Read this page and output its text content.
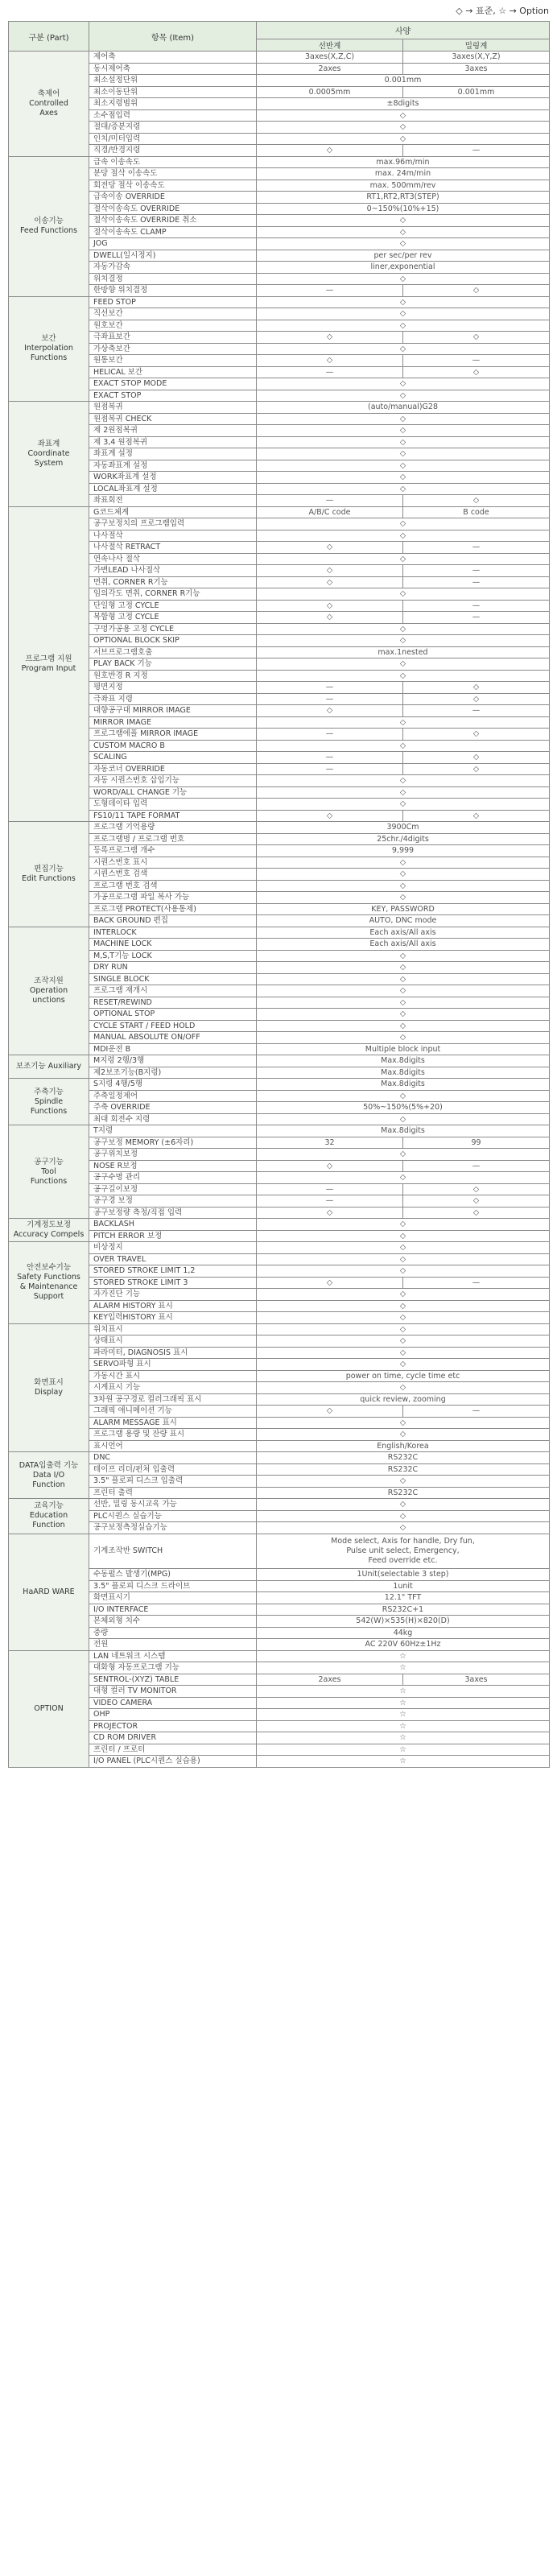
◇ → 표준, ☆ → Option
구분 (Part)	항목 (Item)	사양	
		선반계	밀링계
축제어
Controlled
Axes	제어축	3axes(X,Z,C)	3axes(X,Y,Z)
	동시제어축	2axes	3axes
	최소설정단위	0.001mm	
	최소이동단위	0.0005mm	0.001mm
	최소지령범위	±8digits	
	소수점입력	◇	
	절대/증분지령	◇	
	인치/미터입력	◇	
	직경/반경지령	◇	—
이송기능
Feed Functions	급속 이송속도	max.96m/min	
	분당 절삭 이송속도	max. 24m/min	
	회전당 절삭 이송속도	max. 500mm/rev	
	급속이송 OVERRIDE	RT1,RT2,RT3(STEP)	
	절삭이송속도 OVERRIDE	0~150%(10%+15)	
	절삭이송속도 OVERRIDE 취소	◇	
	절삭이송속도 CLAMP	◇	
	JOG	◇	
	DWELL(일시정지)	per sec/per rev	
	자동가감속	liner,exponential	
	위치결정	◇	
	한방향 위치결정	—	◇
보간
Interpolation
Functions	FEED STOP	◇	
	직선보간	◇	
	원호보간	◇	
	극좌표보간	◇	◇
	가상축보간	◇	
	원통보간	◇	—
	HELICAL 보간	—	◇
	EXACT STOP MODE	◇	
	EXACT STOP	◇	
좌표계
Coordinate
System	원점복귀	(auto/manual)G28	
	원점복귀 CHECK	◇	
	제 2원점복귀	◇	
	제 3,4 원점복귀	◇	
	좌표계 설정	◇	
	자동좌표계 설정	◇	
	WORK좌표계 설정	◇	
	LOCAL좌표계 설정	◇	
	좌표회전	—	◇
프로그램 지원
Program Input	G코드체계	A/B/C code	B code
	공구보정치의 프로그램입력	◇	
	나사절삭	◇	
	나사절삭 RETRACT	◇	—
	연속나사 절삭	◇	
	가변LEAD 나사절삭	◇	—
	면취, CORNER R기능	◇	—
	임의각도 면취, CORNER R기능	◇	
	단일형 고정 CYCLE	◇	—
	복합형 고정 CYCLE	◇	—
	구멍가공용 고정 CYCLE	◇	
	OPTIONAL BLOCK SKIP	◇	
	서브프로그램호출	max.1nested	
	PLAY BACK 기능	◇	
	원호반경 R 지정	◇	
	평면지정	—	◇
	극좌표 지령	—	◇
	대향공구대 MIRROR IMAGE	◇	—
	MIRROR IMAGE	◇	
	프로그램에플 MIRROR IMAGE	—	◇
	CUSTOM MACRO B	◇	
	SCALING	—	◇
	자동코너 OVERRIDE	—	◇
	자동 시퀀스번호 삽입기능	◇	
	WORD/ALL CHANGE 기능	◇	
	도형데이타 입력	◇	
	FS10/11 TAPE FORMAT	◇	◇
편집기능
Edit Functions	프로그램 기억용량	3900Cm	
	프로그램명 / 프로그램 번호	25chr./4digits	
	등록프로그램 개수	9,999	
	시퀀스번호 표시	◇	
	시퀀스번호 검색	◇	
	프로그램 번호 검색	◇	
	가공프로그램 파일 복사 가능	◇	
	프로그램 PROTECT(사용통제)	KEY, PASSWORD	
	BACK GROUND 편집	AUTO, DNC mode	
조작지원
Operation
unctions	INTERLOCK	Each axis/All axis	
	MACHINE LOCK	Each axis/All axis	
	M,S,T기능 LOCK	◇	
	DRY RUN	◇	
	SINGLE BLOCK	◇	
	프로그램 재개시	◇	
	RESET/REWIND	◇	
	OPTIONAL STOP	◇	
	CYCLE START / FEED HOLD	◇	
	MANUAL ABSOLUTE ON/OFF	◇	
	MDI운전 B	Multiple block input	
보조기능 Auxiliary	M지령 2행/3행	Max.8digits	
	제2보조기능(B지령)	Max.8digits	
주축기능
Spindle
Functions	S지령 4행/5행	Max.8digits	
	주축일정제어	◇	
	주축 OVERRIDE	50%~150%(5%+20)	
	최대 회전수 지령	◇	
공구기능
Tool
Functions	T지령	Max.8digits	
	공구보정 MEMORY (±6자리)	32	99
	공구위치보정	◇	
	NOSE R보정	◇	—
	공구수명 관리	◇	
	공구길이보정	—	◇
	공구경 보정	—	◇
	공구보정량 측정/직접 입력	◇	◇
기계정도보정
Accuracy Compels	BACKLASH	◇	
	PITCH ERROR 보정	◇	
안전보수기능
Safety Functions
& Maintenance
Support	비상정지	◇	
	OVER TRAVEL	◇	
	STORED STROKE LIMIT 1,2	◇	
	STORED STROKE LIMIT 3	◇	—
	자가진단 기능	◇	
	ALARM HISTORY 표시	◇	
	KEY입력HISTORY 표시	◇	
화면표시
Display	위치표시	◇	
	상태표시	◇	
	파라미터, DIAGNOSIS 표시	◇	
	SERVO파형 표시	◇	
	가동시간 표시	power on time, cycle time etc	
	시계표시 기능	◇	
	3차원 공구경로 컬러그래픽 표시	quick review, zooming	
	그래픽 애니메이션 기능	◇	—
	ALARM MESSAGE 표시	◇	
	프로그램 용량 및 잔량 표시	◇	
	표시언어	English/Korea	
DATA입출력 기능
Data I/O
Function	DNC	RS232C	
	테이프 리더/펀처 입출력	RS232C	
	3.5" 플로피 디스크 입출력	◇	
	프린터 출력	RS232C	
교육기능
Education
Function	선반, 밀링 동시교육 가능	◇	
	PLC시퀀스 실습기능	◇	
	공구보정측정실습기능	◇	
HaARD WARE	기계조작반 SWITCH	Mode select, Axis for handle, Dry fun,
Pulse unit select, Emergency,
Feed override etc.	
	수동펄스 발생기(MPG)	1Unit(selectable 3 step)	
	3.5" 플로피 디스크 드라이브	1unit	
	화면표시기	12.1" TFT	
	I/O INTERFACE	RS232C+1	
	본체외형 치수	542(W)×535(H)×820(D)	
	중량	44kg	
	전원	AC 220V 60Hz±1Hz	
OPTION	LAN 네트워크 시스템	☆	
	대화형 자동프로그램 기능	☆	
	SENTROL-(XYZ) TABLE	2axes	3axes
	대형 컬러 TV MONITOR	☆	
	VIDEO CAMERA	☆	
	OHP	☆	
	PROJECTOR	☆	
	CD ROM DRIVER	☆	
	프린터 / 프로터	☆	
	I/O PANEL (PLC시퀀스 실습용)	☆	
